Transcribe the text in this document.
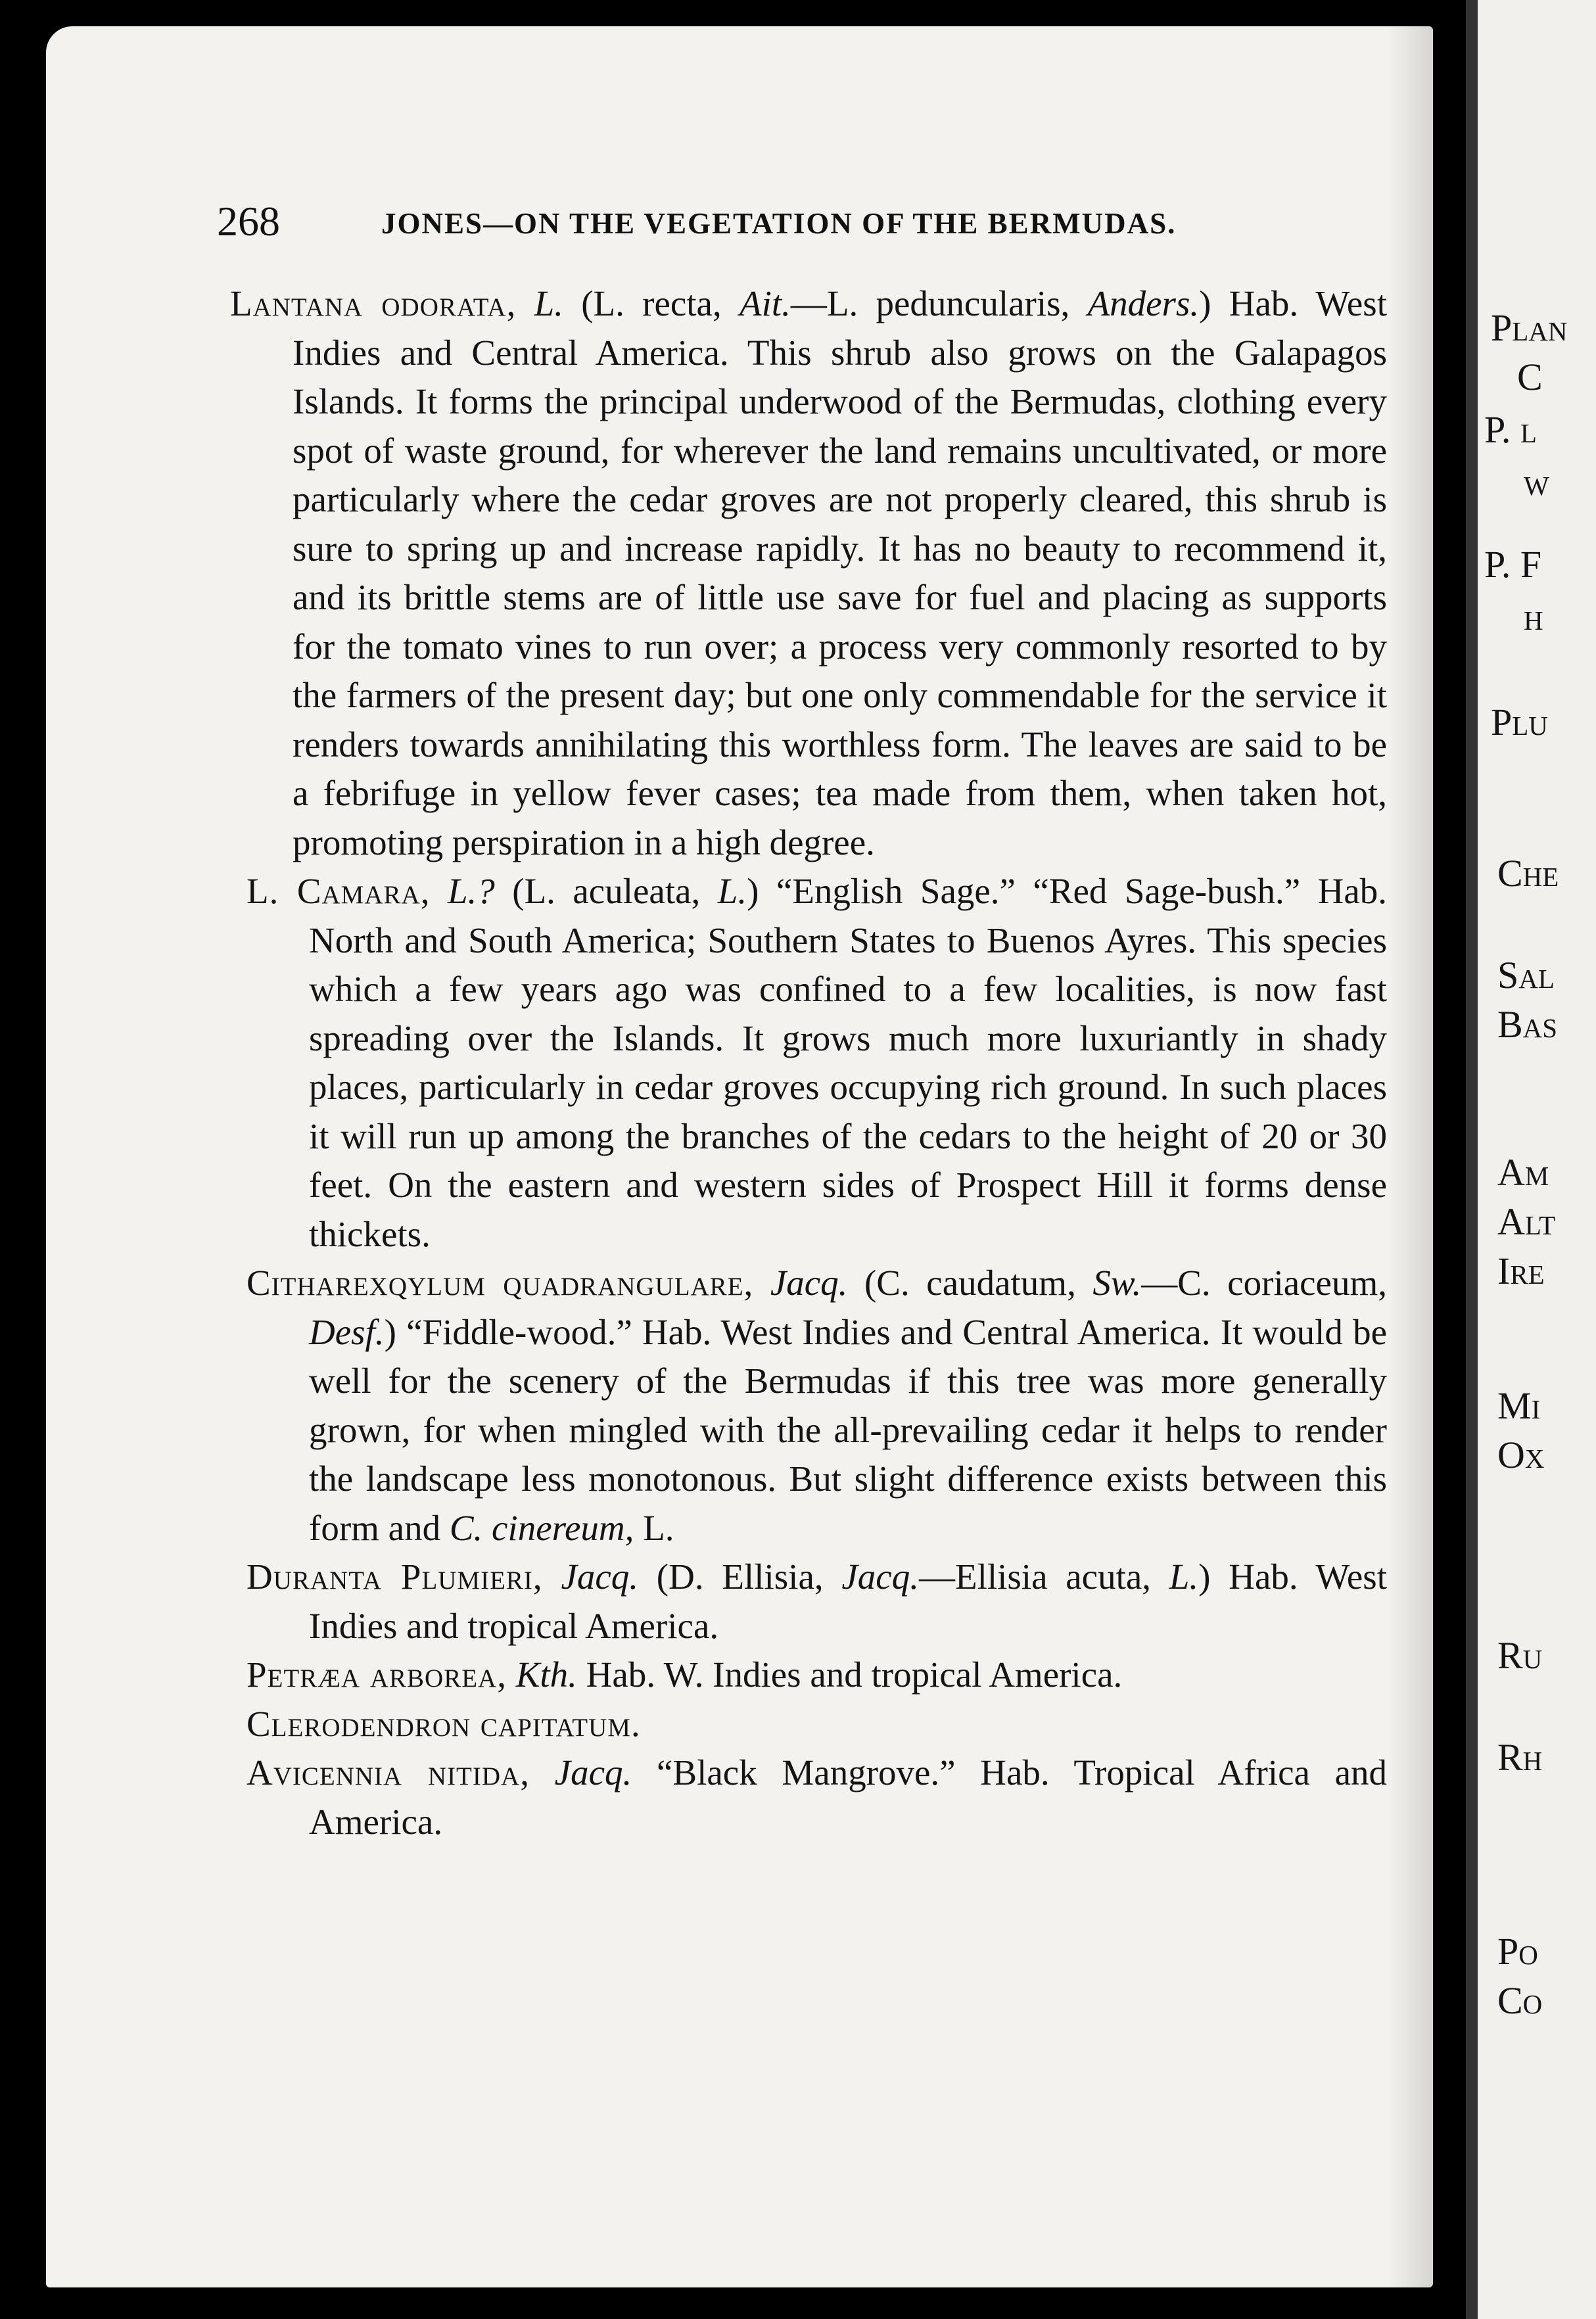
268	JONES—ON THE VEGETATION OF THE BERMUDAS.

Lantana odorata, L. (L. recta, Ait.—L. peduncularis, Anders.) Hab. West Indies and Central America. This shrub also grows on the Galapagos Islands. It forms the principal underwood of the Bermudas, clothing every spot of waste ground, for wherever the land remains uncultivated, or more particularly where the cedar groves are not properly cleared, this shrub is sure to spring up and increase rapidly. It has no beauty to recommend it, and its brittle stems are of little use save for fuel and placing as supports for the tomato vines to run over; a process very commonly resorted to by the farmers of the present day; but one only commendable for the service it renders towards annihilating this worthless form. The leaves are said to be a febrifuge in yellow fever cases; tea made from them, when taken hot, promoting perspiration in a high degree.

L. Camara, L.? (L. aculeata, L.) “English Sage.” “Red Sage-bush.” Hab. North and South America; Southern States to Buenos Ayres. This species which a few years ago was confined to a few localities, is now fast spreading over the Islands. It grows much more luxuriantly in shady places, particularly in cedar groves occupying rich ground. In such places it will run up among the branches of the cedars to the height of 20 or 30 feet. On the eastern and western sides of Prospect Hill it forms dense thickets.

Citharexqylum quadrangulare, Jacq. (C. caudatum, Sw.—C. coriaceum, Desf.) “Fiddle-wood.” Hab. West Indies and Central America. It would be well for the scenery of the Bermudas if this tree was more generally grown, for when mingled with the all-prevailing cedar it helps to render the landscape less monotonous. But slight difference exists between this form and C. cinereum, L.

Duranta Plumieri, Jacq. (D. Ellisia, Jacq.—Ellisia acuta, L.) Hab. West Indies and tropical America.

Petræa arborea, Kth. Hab. W. Indies and tropical America.

Clerodendron capitatum.

Avicennia nitida, Jacq. “Black Mangrove.” Hab. Tropical Africa and America.

Plan
C
P. l
w
P. F
h
Plu
Che
Sal
Bas
Am
Alt
Ire
Mi
Ox
Ru
Rh
Po
Co
